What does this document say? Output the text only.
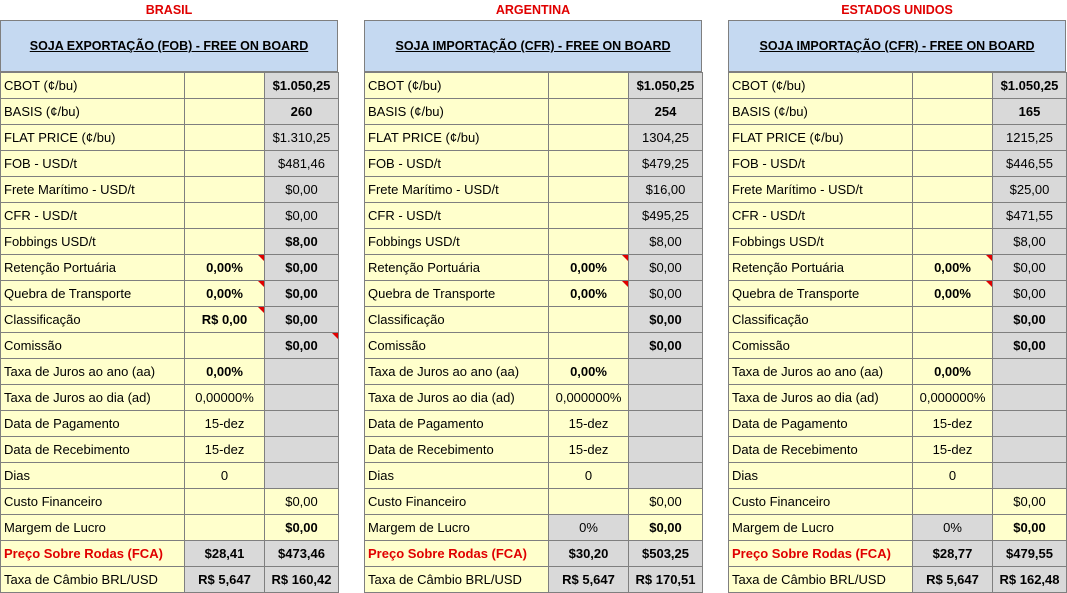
BRASIL
SOJA EXPORTAÇÃO (FOB) - FREE ON BOARD
CBOT (¢/bu)		$1.050,25
BASIS (¢/bu)		260
FLAT PRICE (¢/bu)		$1.310,25
FOB - USD/t		$481,46
Frete Marítimo - USD/t		$0,00
CFR - USD/t		$0,00
Fobbings USD/t		$8,00
Retenção Portuária	0,00%	$0,00
Quebra de Transporte	0,00%	$0,00
Classificação	R$ 0,00	$0,00
Comissão		$0,00
Taxa de Juros ao ano (aa)	0,00%	
Taxa de Juros ao dia (ad)	0,00000%	
Data de Pagamento	15-dez	
Data de Recebimento	15-dez	
Dias	0	
Custo Financeiro		$0,00
Margem de Lucro		$0,00
Preço Sobre Rodas (FCA)	$28,41	$473,46
Taxa de Câmbio BRL/USD	R$ 5,647	R$ 160,42
ARGENTINA
SOJA IMPORTAÇÃO (CFR) - FREE ON BOARD
CBOT (¢/bu)		$1.050,25
BASIS (¢/bu)		254
FLAT PRICE (¢/bu)		1304,25
FOB - USD/t		$479,25
Frete Marítimo - USD/t		$16,00
CFR - USD/t		$495,25
Fobbings USD/t		$8,00
Retenção Portuária	0,00%	$0,00
Quebra de Transporte	0,00%	$0,00
Classificação		$0,00
Comissão		$0,00
Taxa de Juros ao ano (aa)	0,00%	
Taxa de Juros ao dia (ad)	0,000000%	
Data de Pagamento	15-dez	
Data de Recebimento	15-dez	
Dias	0	
Custo Financeiro		$0,00
Margem de Lucro	0%	$0,00
Preço Sobre Rodas (FCA)	$30,20	$503,25
Taxa de Câmbio BRL/USD	R$ 5,647	R$ 170,51
ESTADOS UNIDOS
SOJA IMPORTAÇÃO (CFR) - FREE ON BOARD
CBOT (¢/bu)		$1.050,25
BASIS (¢/bu)		165
FLAT PRICE (¢/bu)		1215,25
FOB - USD/t		$446,55
Frete Marítimo - USD/t		$25,00
CFR - USD/t		$471,55
Fobbings USD/t		$8,00
Retenção Portuária	0,00%	$0,00
Quebra de Transporte	0,00%	$0,00
Classificação		$0,00
Comissão		$0,00
Taxa de Juros ao ano (aa)	0,00%	
Taxa de Juros ao dia (ad)	0,000000%	
Data de Pagamento	15-dez	
Data de Recebimento	15-dez	
Dias	0	
Custo Financeiro		$0,00
Margem de Lucro	0%	$0,00
Preço Sobre Rodas (FCA)	$28,77	$479,55
Taxa de Câmbio BRL/USD	R$ 5,647	R$ 162,48
